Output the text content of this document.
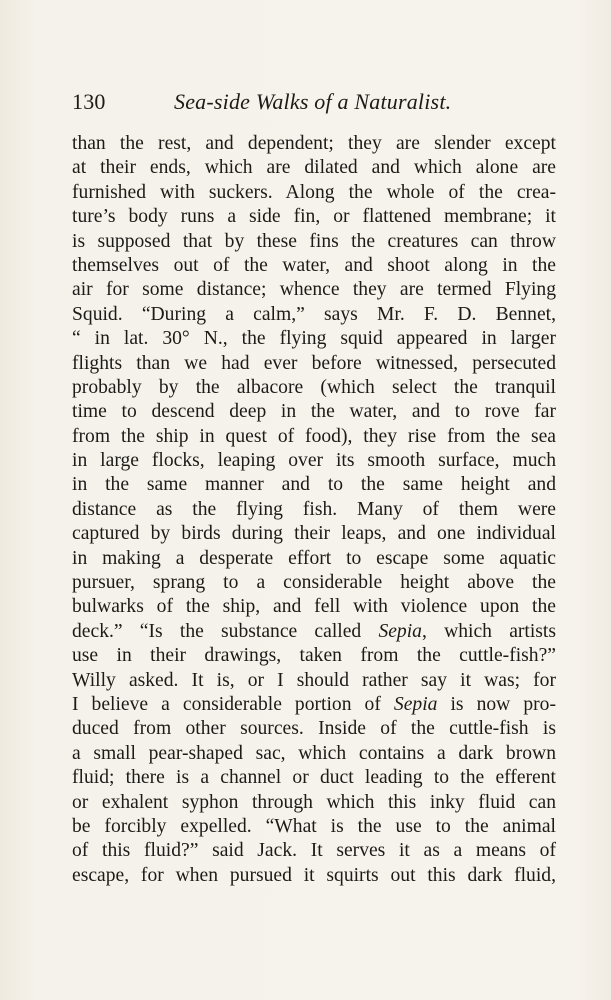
130	Sea-side Walks of a Naturalist.
than the rest, and dependent; they are slender except
at their ends, which are dilated and which alone are
furnished with suckers. Along the whole of the crea-
ture’s body runs a side fin, or flattened membrane; it
is supposed that by these fins the creatures can throw
themselves out of the water, and shoot along in the
air for some distance; whence they are termed Flying
Squid. “During a calm,” says Mr. F. D. Bennet,
“ in lat. 30° N., the flying squid appeared in larger
flights than we had ever before witnessed, persecuted
probably by the albacore (which select the tranquil
time to descend deep in the water, and to rove far
from the ship in quest of food), they rise from the sea
in large flocks, leaping over its smooth surface, much
in the same manner and to the same height and
distance as the flying fish. Many of them were
captured by birds during their leaps, and one individual
in making a desperate effort to escape some aquatic
pursuer, sprang to a considerable height above the
bulwarks of the ship, and fell with violence upon the
deck.” “Is the substance called Sepia, which artists
use in their drawings, taken from the cuttle-fish?”
Willy asked. It is, or I should rather say it was; for
I believe a considerable portion of Sepia is now pro-
duced from other sources. Inside of the cuttle-fish is
a small pear-shaped sac, which contains a dark brown
fluid; there is a channel or duct leading to the efferent
or exhalent syphon through which this inky fluid can
be forcibly expelled. “What is the use to the animal
of this fluid?” said Jack. It serves it as a means of
escape, for when pursued it squirts out this dark fluid,
